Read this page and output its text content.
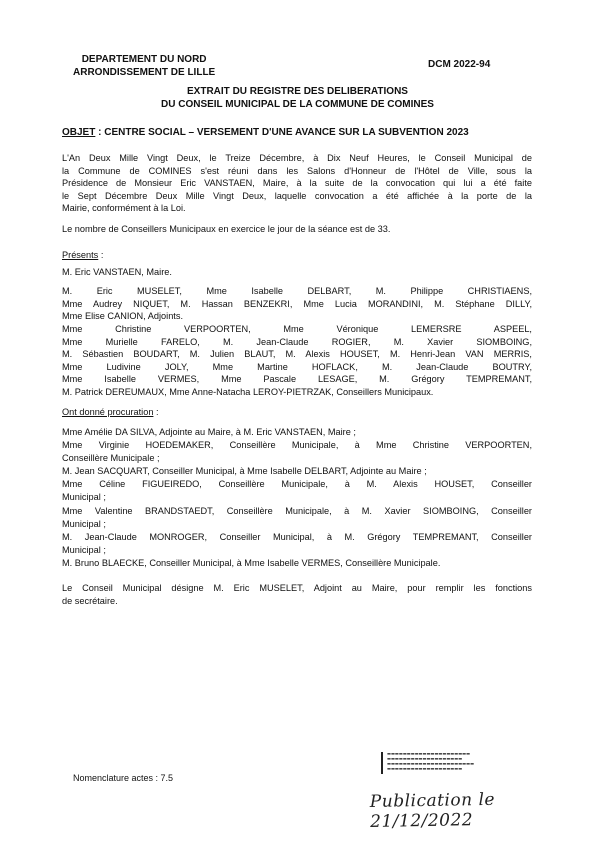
DEPARTEMENT DU NORD
ARRONDISSEMENT DE LILLE
DCM 2022-94
EXTRAIT DU REGISTRE DES DELIBERATIONS
DU CONSEIL MUNICIPAL DE LA COMMUNE DE COMINES
OBJET : CENTRE SOCIAL – VERSEMENT D'UNE AVANCE SUR LA SUBVENTION 2023
L'An Deux Mille Vingt Deux, le Treize Décembre, à Dix Neuf Heures, le Conseil Municipal de
la Commune de COMINES s'est réuni dans les Salons d'Honneur de l'Hôtel de Ville, sous la
Présidence de Monsieur Eric VANSTAEN, Maire, à la suite de la convocation qui lui a été faite
le Sept Décembre Deux Mille Vingt Deux, laquelle convocation a été affichée à la porte de la
Mairie, conformément à la Loi.
Le nombre de Conseillers Municipaux en exercice le jour de la séance est de 33.
Présents :
M. Eric VANSTAEN, Maire.
M. Eric MUSELET, Mme Isabelle DELBART, M. Philippe CHRISTIAENS,
Mme Audrey NIQUET, M. Hassan BENZEKRI, Mme Lucia MORANDINI, M. Stéphane DILLY,
Mme Elise CANION, Adjoints.
Mme Christine VERPOORTEN, Mme Véronique LEMERSRE ASPEEL,
Mme Murielle FARELO, M. Jean-Claude ROGIER, M. Xavier SIOMBOING,
M. Sébastien BOUDART, M. Julien BLAUT, M. Alexis HOUSET, M. Henri-Jean VAN MERRIS,
Mme Ludivine JOLY, Mme Martine HOFLACK, M. Jean-Claude BOUTRY,
Mme Isabelle VERMES, Mme Pascale LESAGE, M. Grégory TEMPREMANT,
M. Patrick DEREUMAUX, Mme Anne-Natacha LEROY-PIETRZAK, Conseillers Municipaux.
Ont donné procuration :
Mme Amélie DA SILVA, Adjointe au Maire, à M. Eric VANSTAEN, Maire ;
Mme Virginie HOEDEMAKER, Conseillère Municipale, à Mme Christine VERPOORTEN,
Conseillère Municipale ;
M. Jean SACQUART, Conseiller Municipal, à Mme Isabelle DELBART, Adjointe au Maire ;
Mme Céline FIGUEIREDO, Conseillère Municipale, à M. Alexis HOUSET, Conseiller
Municipal ;
Mme Valentine BRANDSTAEDT, Conseillère Municipale, à M. Xavier SIOMBOING, Conseiller
Municipal ;
M. Jean-Claude MONROGER, Conseiller Municipal, à M. Grégory TEMPREMANT, Conseiller
Municipal ;
M. Bruno BLAECKE, Conseiller Municipal, à Mme Isabelle VERMES, Conseillère Municipale.
Le Conseil Municipal désigne M. Eric MUSELET, Adjoint au Maire, pour remplir les fonctions
de secrétaire.
▬▬▬▬▬▬▬▬▬▬▬▬▬▬▬▬▬▬▬▬▬
▬▬▬▬▬▬▬▬▬▬▬▬▬▬▬▬▬▬▬
▬▬▬▬▬▬▬▬▬▬▬▬▬▬▬▬▬▬▬▬▬▬
▬▬▬▬▬▬▬▬▬▬▬▬▬▬▬▬▬▬▬
Nomenclature actes : 7.5
Publication le 21/12/2022
